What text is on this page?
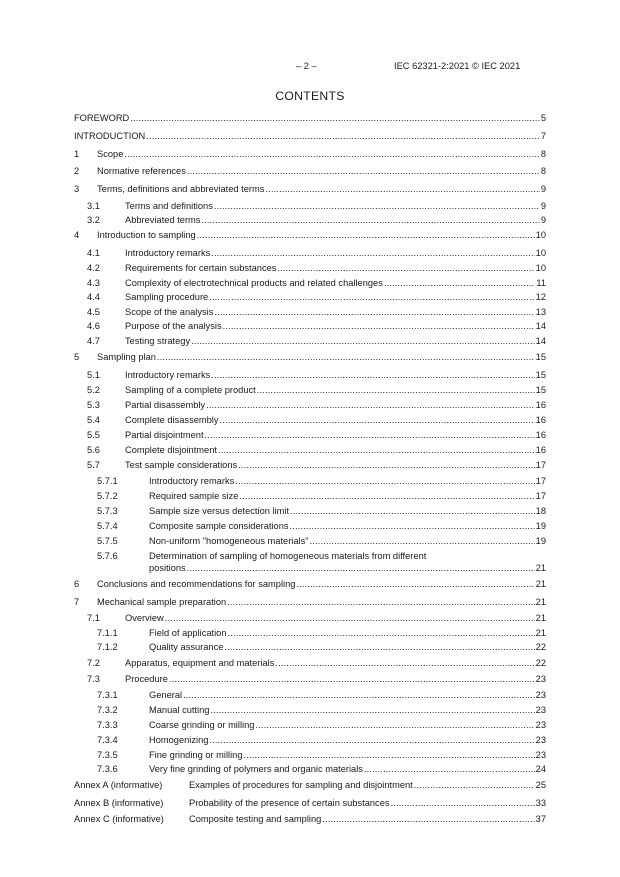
– 2 –	IEC 62321-2:2021 © IEC 2021
CONTENTS
FOREWORD .....	5
INTRODUCTION .....	7
1 Scope .....	8
2 Normative references .....	8
3 Terms, definitions and abbreviated terms .....	9
3.1	Terms and definitions .....	9
3.2	Abbreviated terms .....	9
4 Introduction to sampling .....	10
4.1	Introductory remarks .....	10
4.2	Requirements for certain substances .....	10
4.3	Complexity of electrotechnical products and related challenges .....	11
4.4	Sampling procedure .....	12
4.5	Scope of the analysis .....	13
4.6	Purpose of the analysis .....	14
4.7	Testing strategy .....	14
5 Sampling plan .....	15
5.1	Introductory remarks .....	15
5.2	Sampling of a complete product .....	15
5.3	Partial disassembly .....	16
5.4	Complete disassembly .....	16
5.5	Partial disjointment .....	16
5.6	Complete disjointment .....	16
5.7	Test sample considerations .....	17
5.7.1	Introductory remarks .....	17
5.7.2	Required sample size .....	17
5.7.3	Sample size versus detection limit .....	18
5.7.4	Composite sample considerations .....	19
5.7.5	Non-uniform "homogeneous materials" .....	19
5.7.6	Determination of sampling of homogeneous materials from different
positions .....	21
6 Conclusions and recommendations for sampling .....	21
7 Mechanical sample preparation .....	21
7.1	Overview .....	21
7.1.1	Field of application .....	21
7.1.2	Quality assurance .....	22
7.2	Apparatus, equipment and materials .....	22
7.3	Procedure .....	23
7.3.1	General .....	23
7.3.2	Manual cutting .....	23
7.3.3	Coarse grinding or milling .....	23
7.3.4	Homogenizing .....	23
7.3.5	Fine grinding or milling .....	23
7.3.6	Very fine grinding of polymers and organic materials .....	24
Annex A (informative)	Examples of procedures for sampling and disjointment .....	25
Annex B (informative)	Probability of the presence of certain substances .....	33
Annex C (informative)	Composite testing and sampling .....	37
